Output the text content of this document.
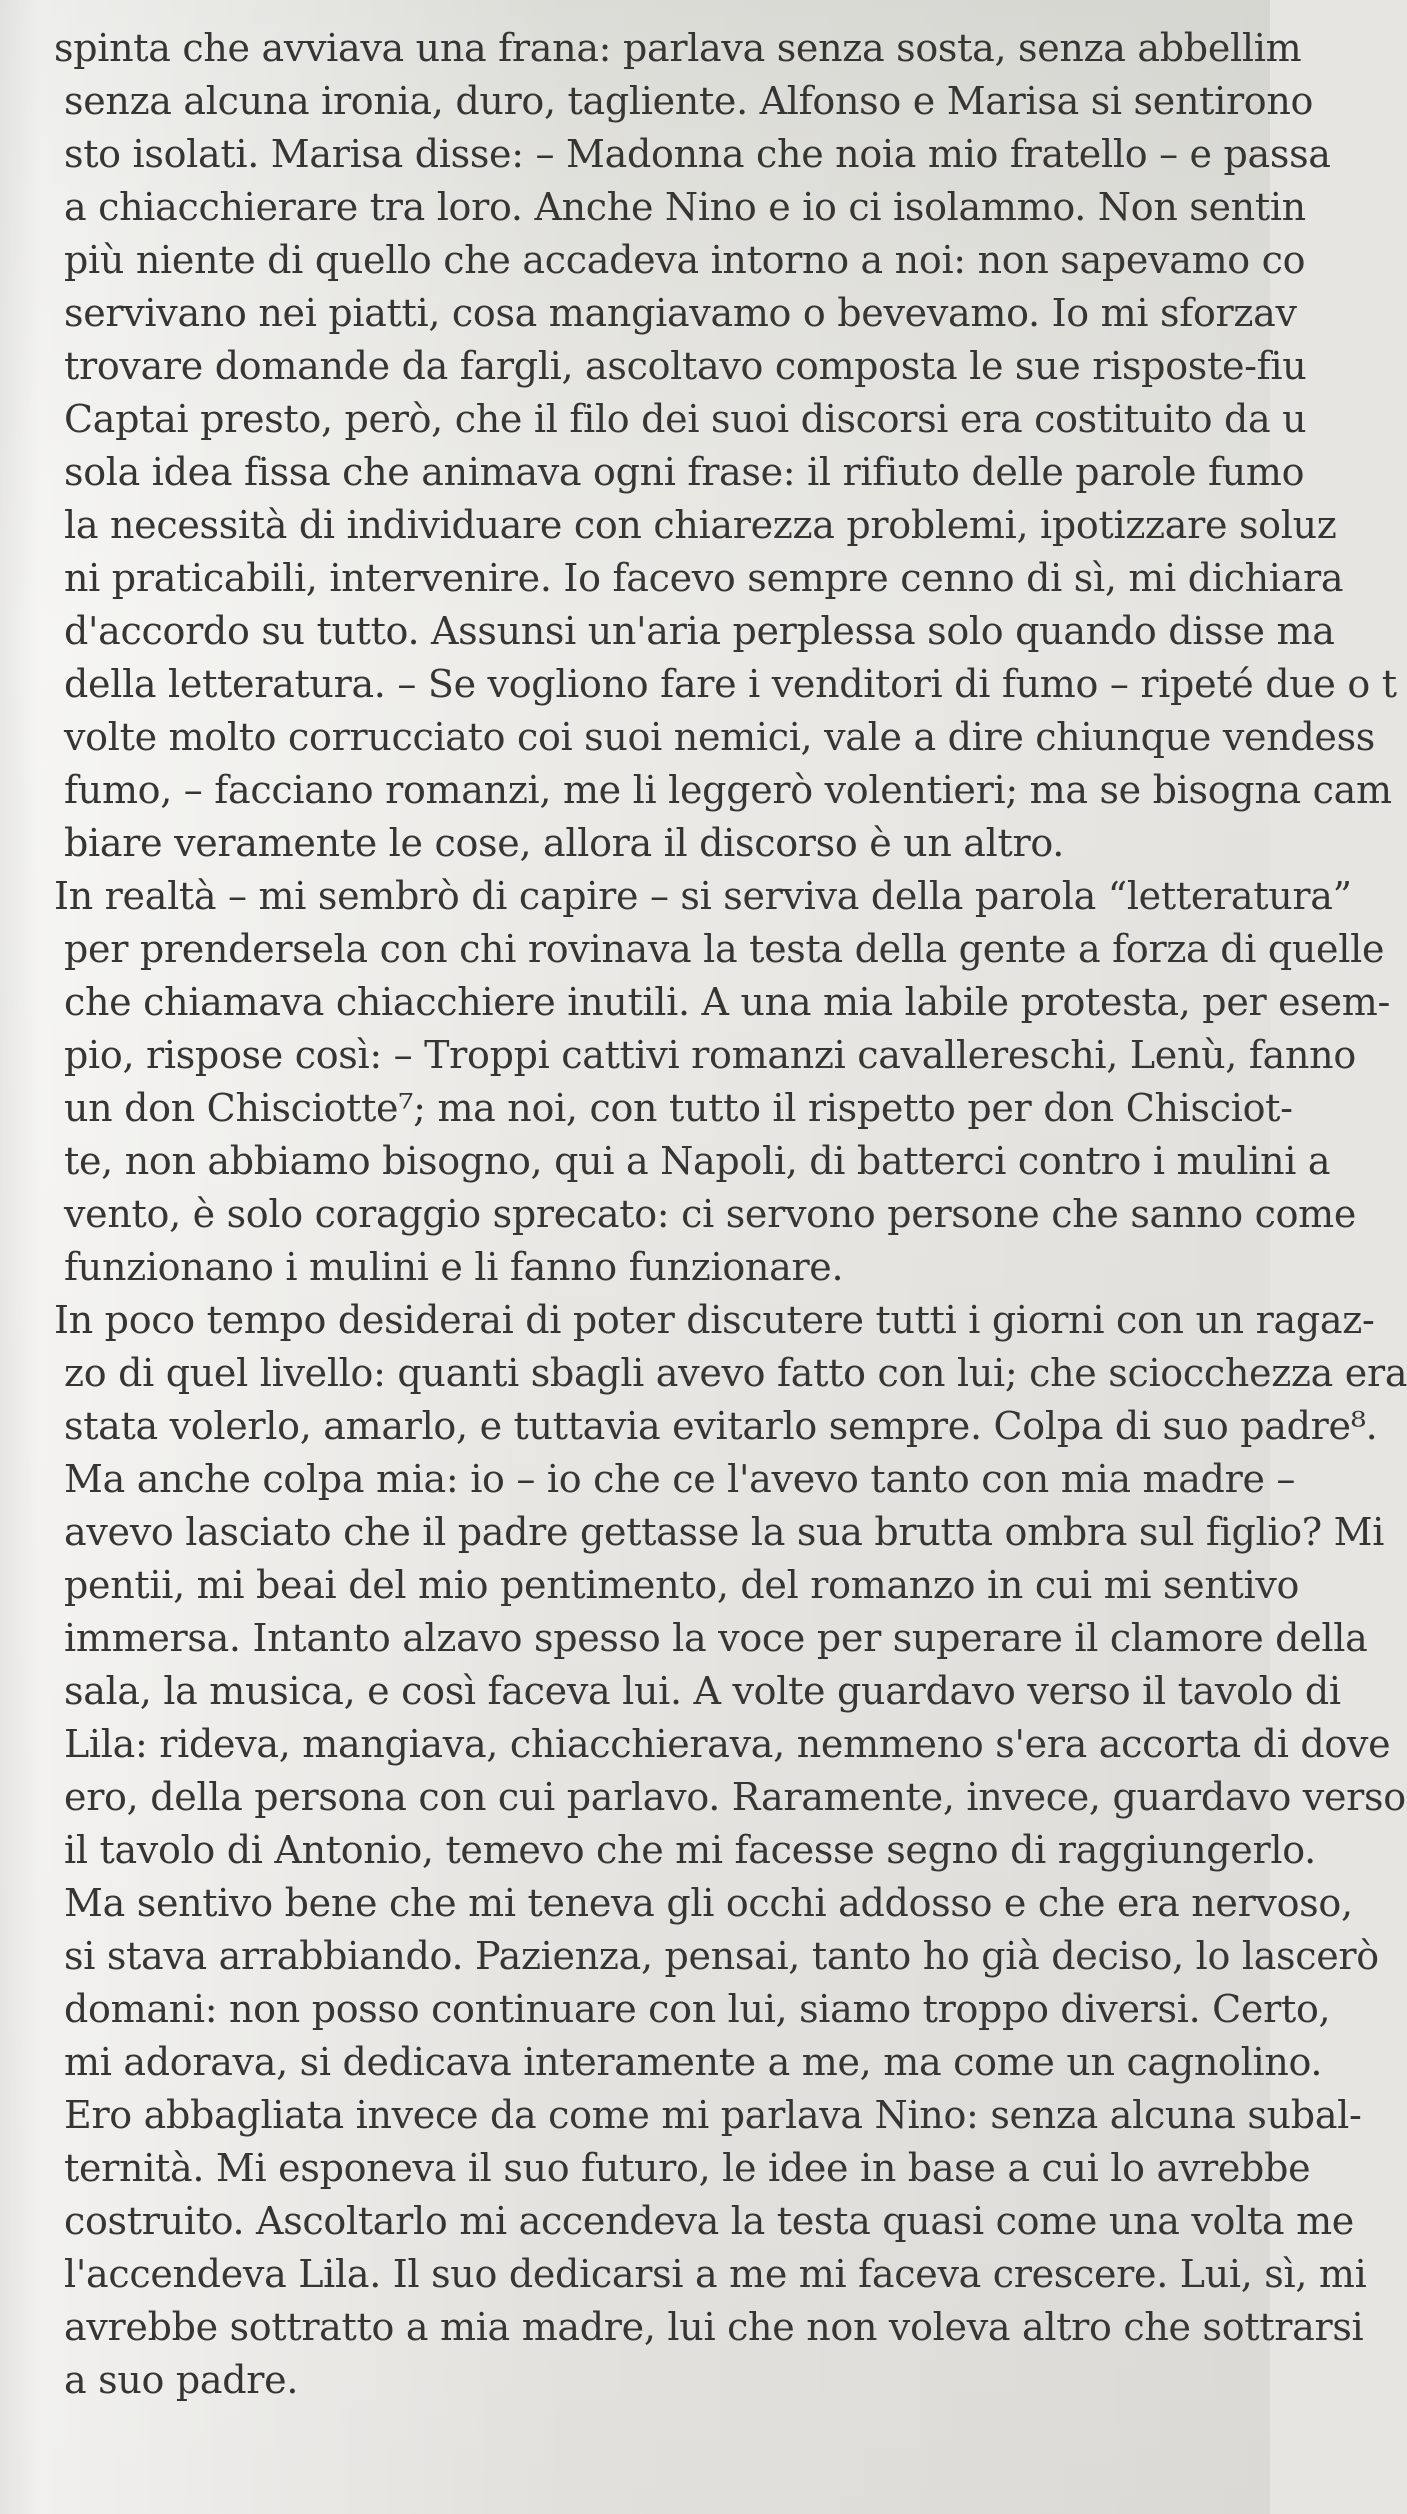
spinta che avviava una frana: parlava senza sosta, senza abbellim
senza alcuna ironia, duro, tagliente. Alfonso e Marisa si sentirono
sto isolati. Marisa disse: – Madonna che noia mio fratello – e passa
a chiacchierare tra loro. Anche Nino e io ci isolammo. Non sentin
più niente di quello che accadeva intorno a noi: non sapevamo co
servivano nei piatti, cosa mangiavamo o bevevamo. Io mi sforzav
trovare domande da fargli, ascoltavo composta le sue risposte-fiu
Captai presto, però, che il filo dei suoi discorsi era costituito da u
sola idea fissa che animava ogni frase: il rifiuto delle parole fumo
la necessità di individuare con chiarezza problemi, ipotizzare soluz
ni praticabili, intervenire. Io facevo sempre cenno di sì, mi dichiara
d'accordo su tutto. Assunsi un'aria perplessa solo quando disse ma
della letteratura. – Se vogliono fare i venditori di fumo – ripeté due o t
volte molto corrucciato coi suoi nemici, vale a dire chiunque vendess
fumo, – facciano romanzi, me li leggerò volentieri; ma se bisogna cam
biare veramente le cose, allora il discorso è un altro.
In realtà – mi sembrò di capire – si serviva della parola “letteratura”
per prendersela con chi rovinava la testa della gente a forza di quelle
che chiamava chiacchiere inutili. A una mia labile protesta, per esem-
pio, rispose così: – Troppi cattivi romanzi cavallereschi, Lenù, fanno
un don Chisciotte⁷; ma noi, con tutto il rispetto per don Chisciot-
te, non abbiamo bisogno, qui a Napoli, di batterci contro i mulini a
vento, è solo coraggio sprecato: ci servono persone che sanno come
funzionano i mulini e li fanno funzionare.
In poco tempo desiderai di poter discutere tutti i giorni con un ragaz-
zo di quel livello: quanti sbagli avevo fatto con lui; che sciocchezza era
stata volerlo, amarlo, e tuttavia evitarlo sempre. Colpa di suo padre⁸.
Ma anche colpa mia: io – io che ce l'avevo tanto con mia madre –
avevo lasciato che il padre gettasse la sua brutta ombra sul figlio? Mi
pentii, mi beai del mio pentimento, del romanzo in cui mi sentivo
immersa. Intanto alzavo spesso la voce per superare il clamore della
sala, la musica, e così faceva lui. A volte guardavo verso il tavolo di
Lila: rideva, mangiava, chiacchierava, nemmeno s'era accorta di dove
ero, della persona con cui parlavo. Raramente, invece, guardavo verso
il tavolo di Antonio, temevo che mi facesse segno di raggiungerlo.
Ma sentivo bene che mi teneva gli occhi addosso e che era nervoso,
si stava arrabbiando. Pazienza, pensai, tanto ho già deciso, lo lascerò
domani: non posso continuare con lui, siamo troppo diversi. Certo,
mi adorava, si dedicava interamente a me, ma come un cagnolino.
Ero abbagliata invece da come mi parlava Nino: senza alcuna subal-
ternità. Mi esponeva il suo futuro, le idee in base a cui lo avrebbe
costruito. Ascoltarlo mi accendeva la testa quasi come una volta me
l'accendeva Lila. Il suo dedicarsi a me mi faceva crescere. Lui, sì, mi
avrebbe sottratto a mia madre, lui che non voleva altro che sottrarsi
a suo padre.
